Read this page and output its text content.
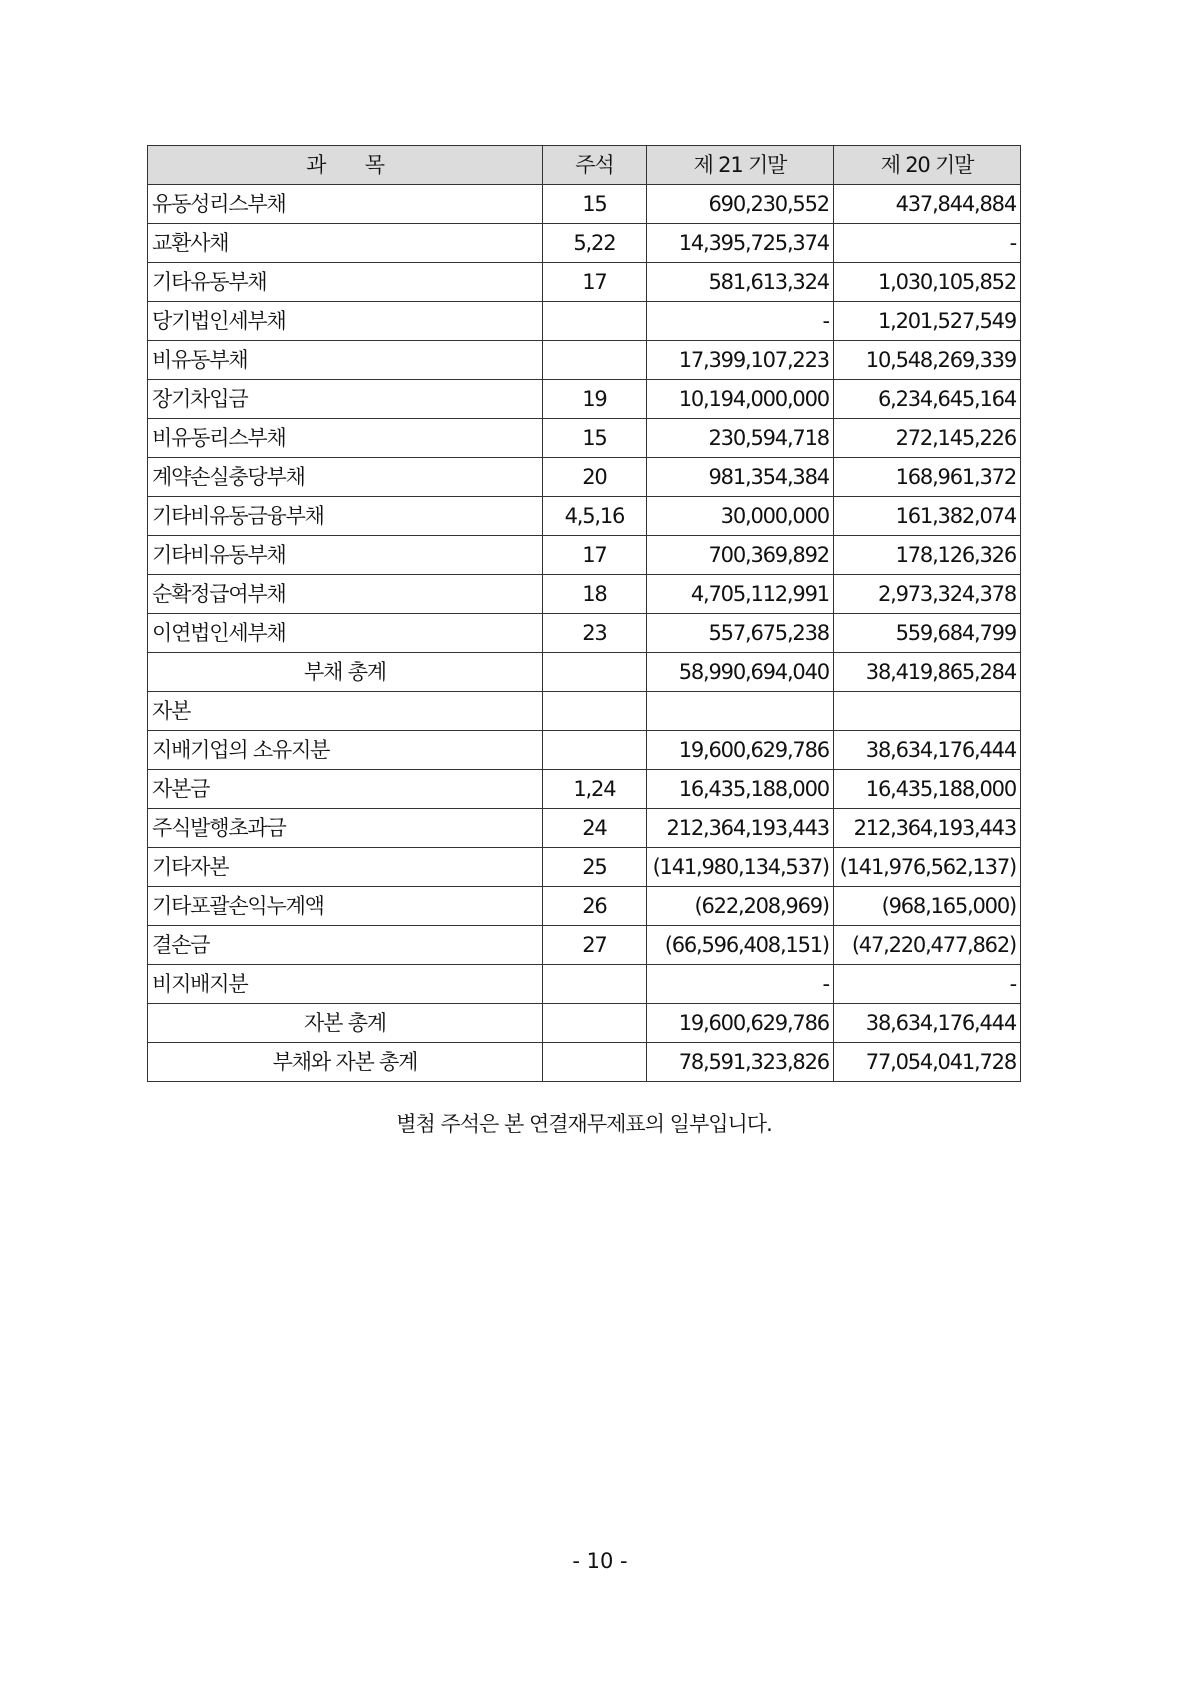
과　　목	주석	제 21 기말	제 20 기말
유동성리스부채	15	690,230,552	437,844,884
교환사채	5,22	14,395,725,374	-
기타유동부채	17	581,613,324	1,030,105,852
당기법인세부채		-	1,201,527,549
비유동부채		17,399,107,223	10,548,269,339
장기차입금	19	10,194,000,000	6,234,645,164
비유동리스부채	15	230,594,718	272,145,226
계약손실충당부채	20	981,354,384	168,961,372
기타비유동금융부채	4,5,16	30,000,000	161,382,074
기타비유동부채	17	700,369,892	178,126,326
순확정급여부채	18	4,705,112,991	2,973,324,378
이연법인세부채	23	557,675,238	559,684,799
부채 총계		58,990,694,040	38,419,865,284
자본			
지배기업의 소유지분		19,600,629,786	38,634,176,444
자본금	1,24	16,435,188,000	16,435,188,000
주식발행초과금	24	212,364,193,443	212,364,193,443
기타자본	25	(141,980,134,537)	(141,976,562,137)
기타포괄손익누계액	26	(622,208,969)	(968,165,000)
결손금	27	(66,596,408,151)	(47,220,477,862)
비지배지분		-	-
자본 총계		19,600,629,786	38,634,176,444
부채와 자본 총계		78,591,323,826	77,054,041,728
별첨 주석은 본 연결재무제표의 일부입니다.
- 10 -
